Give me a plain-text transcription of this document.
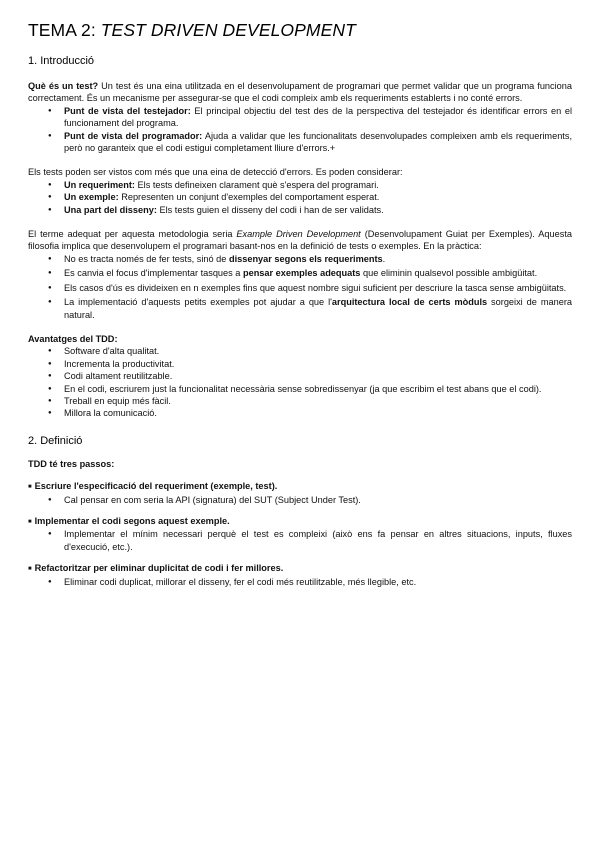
TEMA 2: TEST DRIVEN DEVELOPMENT
1. Introducció

Què és un test? Un test és una eina utilitzada en el desenvolupament de programari que permet validar que un programa funciona correctament. És un mecanisme per assegurar-se que el codi compleix amb els requeriments establerts i no conté errors.

● Punt de vista del testejador: El principal objectiu del test des de la perspectiva del testejador és identificar errors en el funcionament del programa.
● Punt de vista del programador: Ajuda a validar que les funcionalitats desenvolupades compleixen amb els requeriments, però no garanteix que el codi estigui completament lliure d'errors.+

Els tests poden ser vistos com més que una eina de detecció d'errors. Es poden considerar:

● Un requeriment: Els tests defineixen clarament què s'espera del programari.
● Un exemple: Representen un conjunt d'exemples del comportament esperat.
● Una part del disseny: Els tests guien el disseny del codi i han de ser validats.

El terme adequat per aquesta metodologia seria Example Driven Development (Desenvolupament Guiat per Exemples). Aquesta filosofia implica que desenvolupem el programari basant-nos en la definició de tests o exemples. En la pràctica:

● No es tracta només de fer tests, sinó de dissenyar segons els requeriments.
● Es canvia el focus d'implementar tasques a pensar exemples adequats que eliminin qualsevol possible ambigüitat.
● Els casos d'ús es divideixen en n exemples fins que aquest nombre sigui suficient per descriure la tasca sense ambigüitats.
● La implementació d'aquests petits exemples pot ajudar a que l'arquitectura local de certs mòduls sorgeixi de manera natural.

Avantatges del TDD:

● Software d'alta qualitat.
● Incrementa la productivitat.
● Codi altament reutilitzable.
● En el codi, escriurem just la funcionalitat necessària sense sobredissenyar (ja que escribim el test abans que el codi).
● Treball en equip més fàcil.
● Millora la comunicació.
2. Definició

TDD té tres passos:

■ Escriure l'especificació del requeriment (exemple, test).

● Cal pensar en com seria la API (signatura) del SUT (Subject Under Test).

■ Implementar el codi segons aquest exemple.

● Implementar el mínim necessari perquè el test es compleixi (això ens fa pensar en altres situacions, inputs, fluxes d'execució, etc.).

■ Refactoritzar per eliminar duplicitat de codi i fer millores.

● Eliminar codi duplicat, millorar el disseny, fer el codi més reutilitzable, més llegible, etc.
